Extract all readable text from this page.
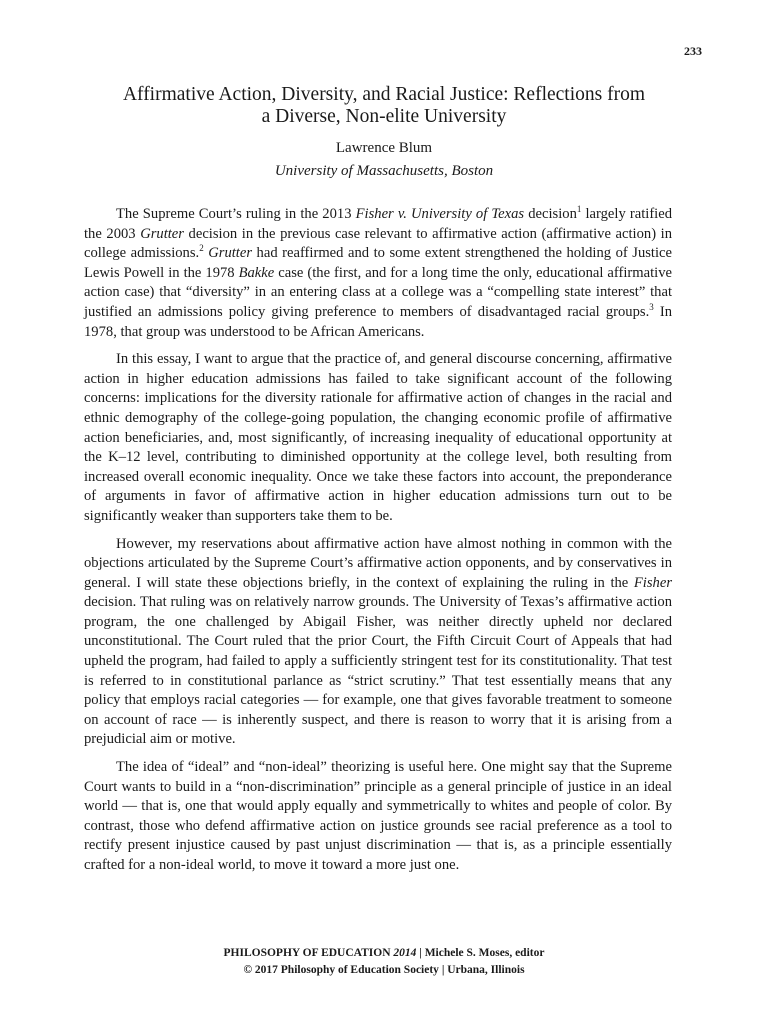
233
Affirmative Action, Diversity, and Racial Justice: Reflections from
a Diverse, Non-elite University
Lawrence Blum
University of Massachusetts, Boston

The Supreme Court’s ruling in the 2013 Fisher v. University of Texas decision$^1$ largely ratified the 2003 Grutter decision in the previous case relevant to affirmative action (affirmative action) in college admissions.$^2$ Grutter had reaffirmed and to some extent strengthened the holding of Justice Lewis Powell in the 1978 Bakke case (the first, and for a long time the only, educational affirmative action case) that “diversity” in an entering class at a college was a “compelling state interest” that justified an admissions policy giving preference to members of disadvantaged racial groups.$^3$ In 1978, that group was understood to be African Americans.

In this essay, I want to argue that the practice of, and general discourse concerning, affirmative action in higher education admissions has failed to take significant account of the following concerns: implications for the diversity rationale for affirmative action of changes in the racial and ethnic demography of the college-going population, the changing economic profile of affirmative action beneficiaries, and, most significantly, of increasing inequality of educational opportunity at the K–12 level, contributing to diminished opportunity at the college level, both resulting from increased overall economic inequality. Once we take these factors into account, the preponderance of arguments in favor of affirmative action in higher education admissions turn out to be significantly weaker than supporters take them to be.

However, my reservations about affirmative action have almost nothing in common with the objections articulated by the Supreme Court’s affirmative action opponents, and by conservatives in general. I will state these objections briefly, in the context of explaining the ruling in the Fisher decision. That ruling was on relatively narrow grounds. The University of Texas’s affirmative action program, the one challenged by Abigail Fisher, was neither directly upheld nor declared unconstitutional. The Court ruled that the prior Court, the Fifth Circuit Court of Appeals that had upheld the program, had failed to apply a sufficiently stringent test for its constitutionality. That test is referred to in constitutional parlance as “strict scrutiny.” That test essentially means that any policy that employs racial categories — for example, one that gives favorable treatment to someone on account of race — is inherently suspect, and there is reason to worry that it is arising from a prejudicial aim or motive.

The idea of “ideal” and “non-ideal” theorizing is useful here. One might say that the Supreme Court wants to build in a “non-discrimination” principle as a general principle of justice in an ideal world — that is, one that would apply equally and symmetrically to whites and people of color. By contrast, those who defend affirmative action on justice grounds see racial preference as a tool to rectify present injustice caused by past unjust discrimination — that is, as a principle essentially crafted for a non-ideal world, to move it toward a more just one.

PHILOSOPHY OF EDUCATION 2014 | Michele S. Moses, editor
© 2017 Philosophy of Education Society | Urbana, Illinois
